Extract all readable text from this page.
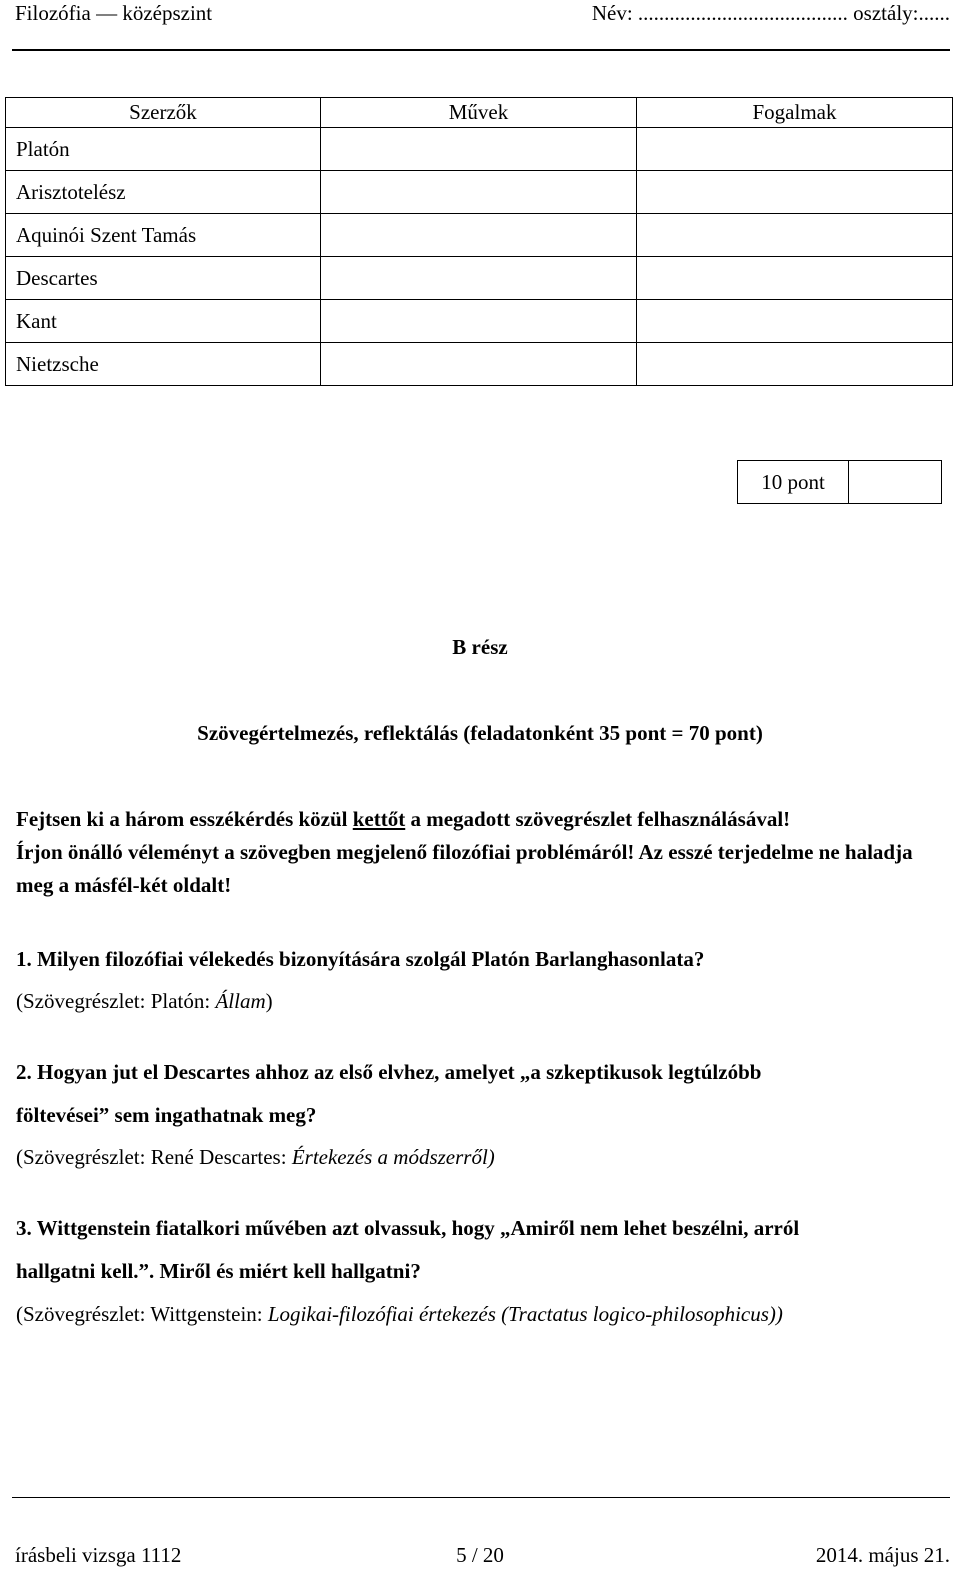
Filozófia — középszint	Név: ........................................ osztály:......
Szerzők	Művek	Fogalmak
Platón		
Arisztotelész		
Aquinói Szent Tamás		
Descartes		
Kant		
Nietzsche		
10 pont
B rész
Szövegértelmezés, reflektálás (feladatonként 35 pont = 70 pont)
Fejtsen ki a három esszékérdés közül kettőt a megadott szövegrészlet felhasználásával!
Írjon önálló véleményt a szövegben megjelenő filozófiai problémáról! Az esszé terjedelme ne haladja meg a másfél-két oldalt!
1. Milyen filozófiai vélekedés bizonyítására szolgál Platón Barlanghasonlata?
(Szövegrészlet: Platón: Állam)
2. Hogyan jut el Descartes ahhoz az első elvhez, amelyet „a szkeptikusok legtúlzóbb
föltevései” sem ingathatnak meg?
(Szövegrészlet: René Descartes: Értekezés a módszerről)
3. Wittgenstein fiatalkori művében azt olvassuk, hogy „Amiről nem lehet beszélni, arról
hallgatni kell.”. Miről és miért kell hallgatni?
(Szövegrészlet: Wittgenstein: Logikai-filozófiai értekezés (Tractatus logico-philosophicus))
írásbeli vizsga 1112	5 / 20	2014. május 21.
